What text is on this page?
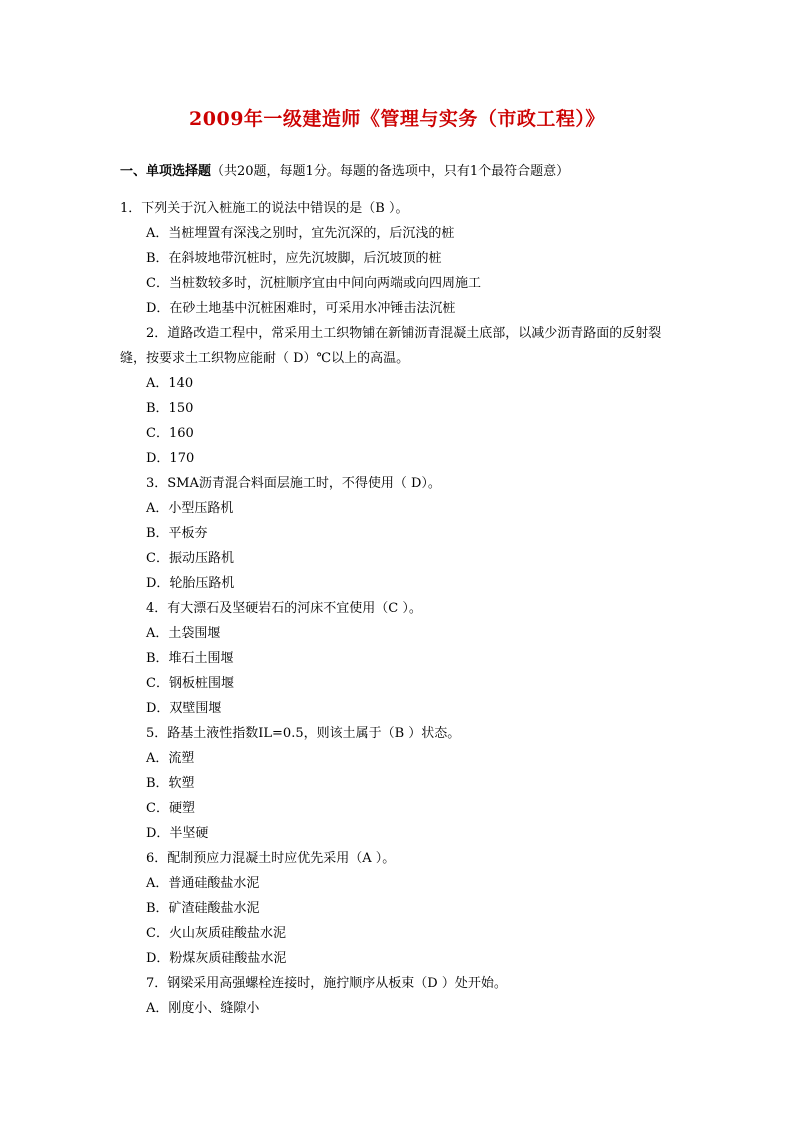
2009年一级建造师《管理与实务（市政工程）》
一、单项选择题（共20题，每题1分。每题的备选项中，只有1个最符合题意）
1．下列关于沉入桩施工的说法中错误的是（B ）。
A．当桩埋置有深浅之别时，宜先沉深的，后沉浅的桩
B．在斜坡地带沉桩时，应先沉坡脚，后沉坡顶的桩
C．当桩数较多时，沉桩顺序宜由中间向两端或向四周施工
D．在砂土地基中沉桩困难时，可采用水冲锤击法沉桩
2．道路改造工程中，常采用土工织物铺在新铺沥青混凝土底部，以减少沥青路面的反射裂缝，按要求土工织物应能耐（ D）℃以上的高温。
A．140
B．150
C．160
D．170
3．SMA沥青混合料面层施工时，不得使用（ D）。
A．小型压路机
B．平板夯
C．振动压路机
D．轮胎压路机
4．有大漂石及坚硬岩石的河床不宜使用（C ）。
A．土袋围堰
B．堆石土围堰
C．钢板桩围堰
D．双壁围堰
5．路基土液性指数IL=0.5，则该土属于（B ）状态。
A．流塑
B．软塑
C．硬塑
D．半坚硬
6．配制预应力混凝土时应优先采用（A ）。
A．普通硅酸盐水泥
B．矿渣硅酸盐水泥
C．火山灰质硅酸盐水泥
D．粉煤灰质硅酸盐水泥
7．钢梁采用高强螺栓连接时，施拧顺序从板束（D ）处开始。
A．刚度小、缝隙小
